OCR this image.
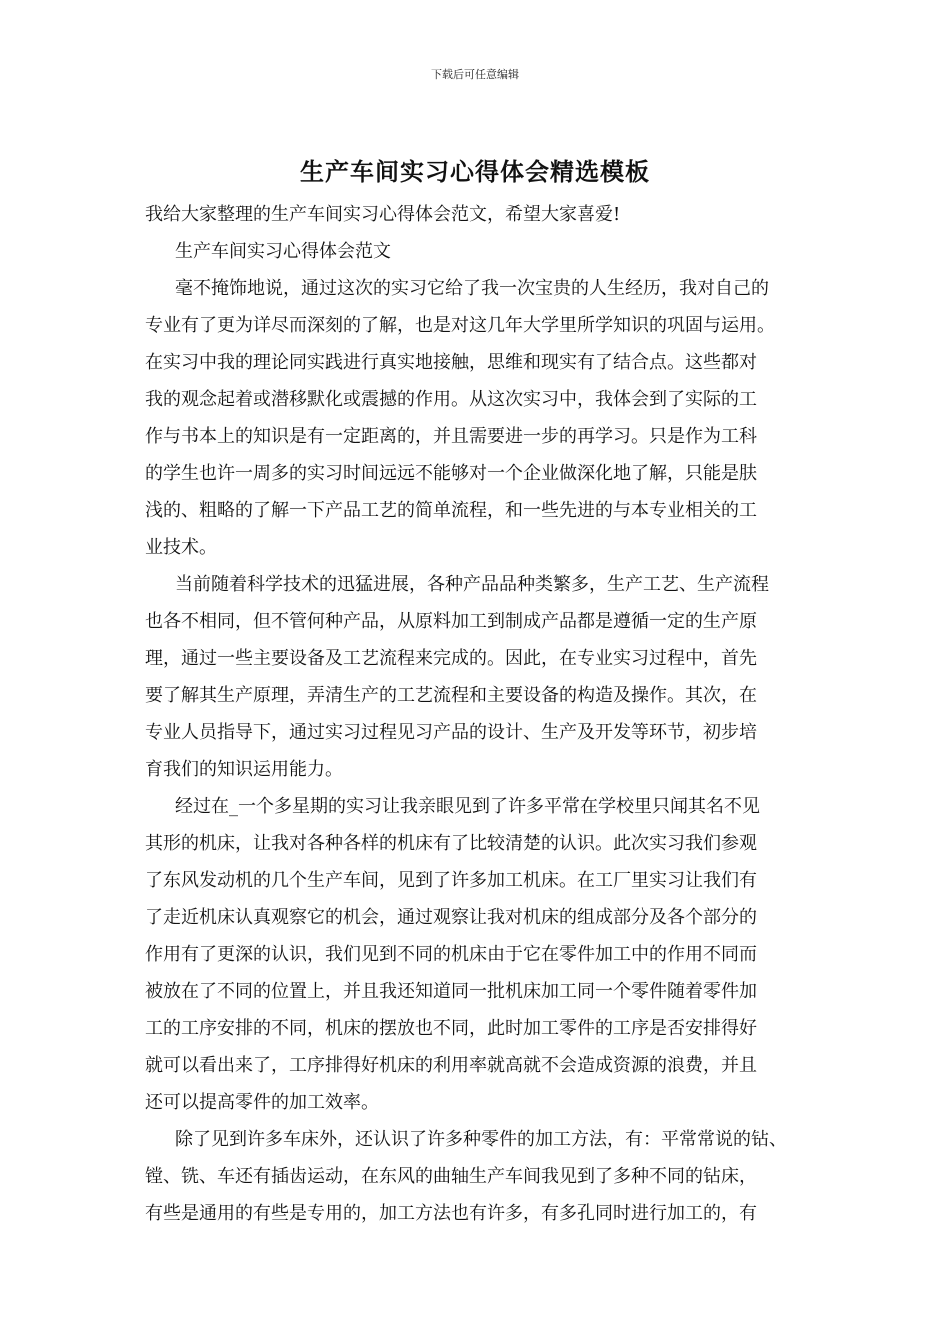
下载后可任意编辑
生产车间实习心得体会精选模板
我给大家整理的生产车间实习心得体会范文，希望大家喜爱!
生产车间实习心得体会范文
毫不掩饰地说，通过这次的实习它给了我一次宝贵的人生经历，我对自己的
专业有了更为详尽而深刻的了解，也是对这几年大学里所学知识的巩固与运用。
在实习中我的理论同实践进行真实地接触，思维和现实有了结合点。这些都对
我的观念起着或潜移默化或震撼的作用。从这次实习中，我体会到了实际的工
作与书本上的知识是有一定距离的，并且需要进一步的再学习。只是作为工科
的学生也许一周多的实习时间远远不能够对一个企业做深化地了解，只能是肤
浅的、粗略的了解一下产品工艺的简单流程，和一些先进的与本专业相关的工
业技术。
当前随着科学技术的迅猛进展，各种产品品种类繁多，生产工艺、生产流程
也各不相同，但不管何种产品，从原料加工到制成产品都是遵循一定的生产原
理，通过一些主要设备及工艺流程来完成的。因此，在专业实习过程中，首先
要了解其生产原理，弄清生产的工艺流程和主要设备的构造及操作。其次，在
专业人员指导下，通过实习过程见习产品的设计、生产及开发等环节，初步培
育我们的知识运用能力。
经过在_一个多星期的实习让我亲眼见到了许多平常在学校里只闻其名不见
其形的机床，让我对各种各样的机床有了比较清楚的认识。此次实习我们参观
了东风发动机的几个生产车间，见到了许多加工机床。在工厂里实习让我们有
了走近机床认真观察它的机会，通过观察让我对机床的组成部分及各个部分的
作用有了更深的认识，我们见到不同的机床由于它在零件加工中的作用不同而
被放在了不同的位置上，并且我还知道同一批机床加工同一个零件随着零件加
工的工序安排的不同，机床的摆放也不同，此时加工零件的工序是否安排得好
就可以看出来了，工序排得好机床的利用率就高就不会造成资源的浪费，并且
还可以提高零件的加工效率。
除了见到许多车床外，还认识了许多种零件的加工方法，有：平常常说的钻、
镗、铣、车还有插齿运动，在东风的曲轴生产车间我见到了多种不同的钻床，
有些是通用的有些是专用的，加工方法也有许多，有多孔同时进行加工的，有
